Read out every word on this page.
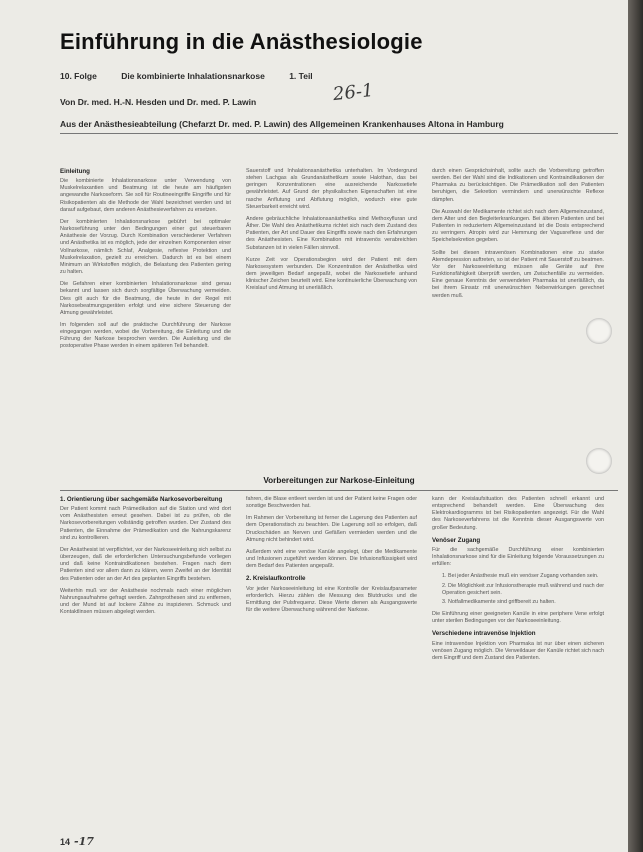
Einführung in die Anästhesiologie
10. Folge	Die kombinierte Inhalationsnarkose	1. Teil
26-1
Von Dr. med. H.-N. Hesden und Dr. med. P. Lawin
Aus der Anästhesieabteilung (Chefarzt Dr. med. P. Lawin) des Allgemeinen Krankenhauses Altona in Hamburg
Einleitung

Die kombinierte Inhalationsnarkose unter Verwendung von Muskelrelaxantien und Beatmung ist die heute am häufigsten angewandte Narkoseform. Sie soll für Routineeingriffe Eingriffe und für Risikopatienten als die Methode der Wahl bezeichnet werden und ist darauf aufgebaut, dem anderen Anästhesieverfahren zu ersetzen.

Der kombinierten Inhalationsnarkose gebührt bei optimaler Narkoseführung unter den Bedingungen einer gut steuerbaren Anästhesie der Vorzug. Durch Kombination verschiedener Verfahren und Anästhetika ist es möglich, jede der einzelnen Komponenten einer Vollnarkose, nämlich Schlaf, Analgesie, reflexive Protektion und Muskelrelaxation, gezielt zu erreichen. Dadurch ist es bei einem Minimum an Wirkstoffen möglich, die Belastung des Patienten gering zu halten.

Die Gefahren einer kombinierten Inhalationsnarkose sind genau bekannt und lassen sich durch sorgfältige Überwachung vermeiden. Dies gilt auch für die Beatmung, die heute in der Regel mit Narkosebeatmungsgeräten erfolgt und eine sichere Steuerung der Atmung gewährleistet.

Im folgenden soll auf die praktische Durchführung der Narkose eingegangen werden, wobei die Vorbereitung, die Einleitung und die Führung der Narkose besprochen werden. Die Ausleitung und die postoperative Phase werden in einem späteren Teil behandelt.

Sauerstoff und Inhalationsanästhetika unterhalten. Im Vordergrund stehen Lachgas als Grundanästhetikum sowie Halothan, das bei geringen Konzentrationen eine ausreichende Narkosetiefe gewährleistet. Auf Grund der physikalischen Eigenschaften ist eine rasche Anflutung und Abflutung möglich, wodurch eine gute Steuerbarkeit erreicht wird.

Andere gebräuchliche Inhalationsanästhetika sind Methoxyfluran und Äther. Die Wahl des Anästhetikums richtet sich nach dem Zustand des Patienten, der Art und Dauer des Eingriffs sowie nach den Erfahrungen des Anästhesisten. Eine Kombination mit intravenös verabreichten Substanzen ist in vielen Fällen sinnvoll.

Kurze Zeit vor Operationsbeginn wird der Patient mit dem Narkosesystem verbunden. Die Konzentration der Anästhetika wird dem jeweiligen Bedarf angepaßt, wobei die Narkosetiefe anhand klinischer Zeichen beurteilt wird. Eine kontinuierliche Überwachung von Kreislauf und Atmung ist unerläßlich.

durch einen Gesprächsinhalt, sollte auch die Vorbereitung getroffen werden. Bei der Wahl sind die Indikationen und Kontraindikationen der Pharmaka zu berücksichtigen. Die Prämedikation soll den Patienten beruhigen, die Sekretion vermindern und unerwünschte Reflexe dämpfen.

Die Auswahl der Medikamente richtet sich nach dem Allgemeinzustand, dem Alter und den Begleiterkrankungen. Bei älteren Patienten und bei Patienten in reduziertem Allgemeinzustand ist die Dosis entsprechend zu verringern. Atropin wird zur Hemmung der Vagusreflexe und der Speichelsekretion gegeben.

Sollte bei diesen intravenösen Kombinationen eine zu starke Atemdepression auftreten, so ist der Patient mit Sauerstoff zu beatmen. Vor der Narkoseeinleitung müssen alle Geräte auf ihre Funktionsfähigkeit überprüft werden, um Zwischenfälle zu vermeiden. Eine genaue Kenntnis der verwendeten Pharmaka ist unerläßlich, da bei ihrem Einsatz mit unerwünschten Nebenwirkungen gerechnet werden muß.

Vorbereitungen zur Narkose-Einleitung
1. Orientierung über sachgemäße Narkosevorbereitung

Der Patient kommt nach Prämedikation auf die Station und wird dort vom Anästhesisten erneut gesehen. Dabei ist zu prüfen, ob die Narkosevorbereitungen vollständig getroffen wurden. Der Zustand des Patienten, die Einnahme der Prämedikation und die Nahrungskarenz sind zu kontrollieren.

Der Anästhesist ist verpflichtet, vor der Narkoseeinleitung sich selbst zu überzeugen, daß die erforderlichen Untersuchungsbefunde vorliegen und daß keine Kontraindikationen bestehen. Fragen nach dem Patienten sind vor allem dann zu klären, wenn Zweifel an der Identität des Patienten oder an der Art des geplanten Eingriffs bestehen.

Weiterhin muß vor der Anästhesie nochmals nach einer möglichen Nahrungsaufnahme gefragt werden. Zahnprothesen sind zu entfernen, und der Mund ist auf lockere Zähne zu inspizieren. Schmuck und Kontaktlinsen müssen abgelegt werden.

fahren, die Blase entleert werden ist und der Patient keine Fragen oder sonstige Beschwerden hat.

Im Rahmen der Vorbereitung ist ferner die Lagerung des Patienten auf dem Operationstisch zu beachten. Die Lagerung soll so erfolgen, daß Druckschäden an Nerven und Gefäßen vermieden werden und die Atmung nicht behindert wird.

Außerdem wird eine venöse Kanüle angelegt, über die Medikamente und Infusionen zugeführt werden können. Die Infusionsflüssigkeit wird dem Bedarf des Patienten angepaßt.

2. Kreislaufkontrolle

Vor jeder Narkoseeinleitung ist eine Kontrolle der Kreislaufparameter erforderlich. Hierzu zählen die Messung des Blutdrucks und die Ermittlung der Pulsfrequenz. Diese Werte dienen als Ausgangswerte für die weitere Überwachung während der Narkose.

kann der Kreislaufsituation des Patienten schnell erkannt und entsprechend behandelt werden. Eine Überwachung des Elektrokardiogramms ist bei Risikopatienten angezeigt. Für die Wahl des Narkoseverfahrens ist die Kenntnis dieser Ausgangswerte von großer Bedeutung.

Venöser Zugang

Für die sachgemäße Durchführung einer kombinierten Inhalationsnarkose sind für die Einleitung folgende Voraussetzungen zu erfüllen:

1. Bei jeder Anästhesie muß ein venöser Zugang vorhanden sein.
2. Die Möglichkeit zur Infusionstherapie muß während und nach der Operation gesichert sein.
3. Notfallmedikamente sind griffbereit zu halten.

Die Einführung einer geeigneten Kanüle in eine periphere Vene erfolgt unter sterilen Bedingungen vor der Narkoseeinleitung.

Verschiedene intravenöse Injektion

Eine intravenöse Injektion von Pharmaka ist nur über einen sicheren venösen Zugang möglich. Die Verweildauer der Kanüle richtet sich nach dem Eingriff und dem Zustand des Patienten.

14 -17
